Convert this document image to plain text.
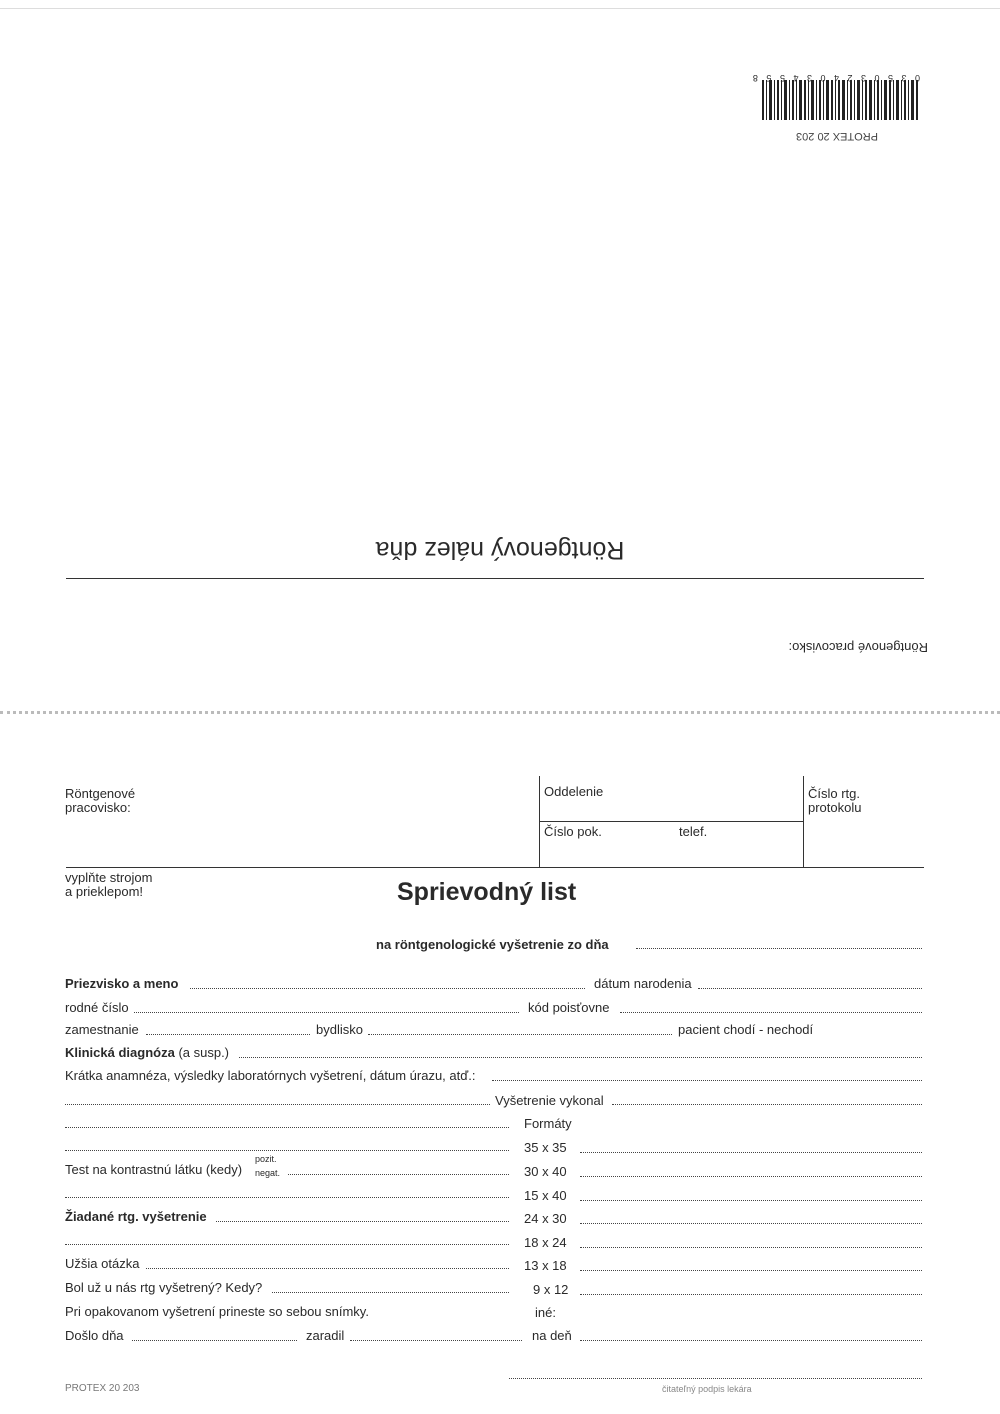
0 3 5 0 3 2 4 0 3 4 5 5 8
PROTEX 20 203
Röntgenový nález dňa
Röntgenové pracovisko:
Röntgenové
pracovisko:
Oddelenie
Číslo pok.	telef.
Číslo rtg.
protokolu
vyplňte strojom
a prieklepom!	Sprievodný list
na röntgenologické vyšetrenie zo dňa
Priezvisko a meno	dátum narodenia
rodné číslo	kód poisťovne
zamestnanie	bydlisko	pacient chodí - nechodí
Klinická diagnóza (a susp.)
Krátka anamnéza, výsledky laboratórnych vyšetrení, dátum úrazu, atď.:
Vyšetrenie vykonal
Formáty
Test na kontrastnú látku (kedy)
pozit.
negat.
Žiadané rtg. vyšetrenie
Užšia otázka
Bol už u nás rtg vyšetrený? Kedy?
Pri opakovanom vyšetrení prineste so sebou snímky.
Došlo dňa	zaradil
35 x 35
30 x 40
15 x 40
24 x 30
18 x 24
13 x 18
9 x 12
iné:
na deň
PROTEX 20 203	čitateľný podpis lekára
